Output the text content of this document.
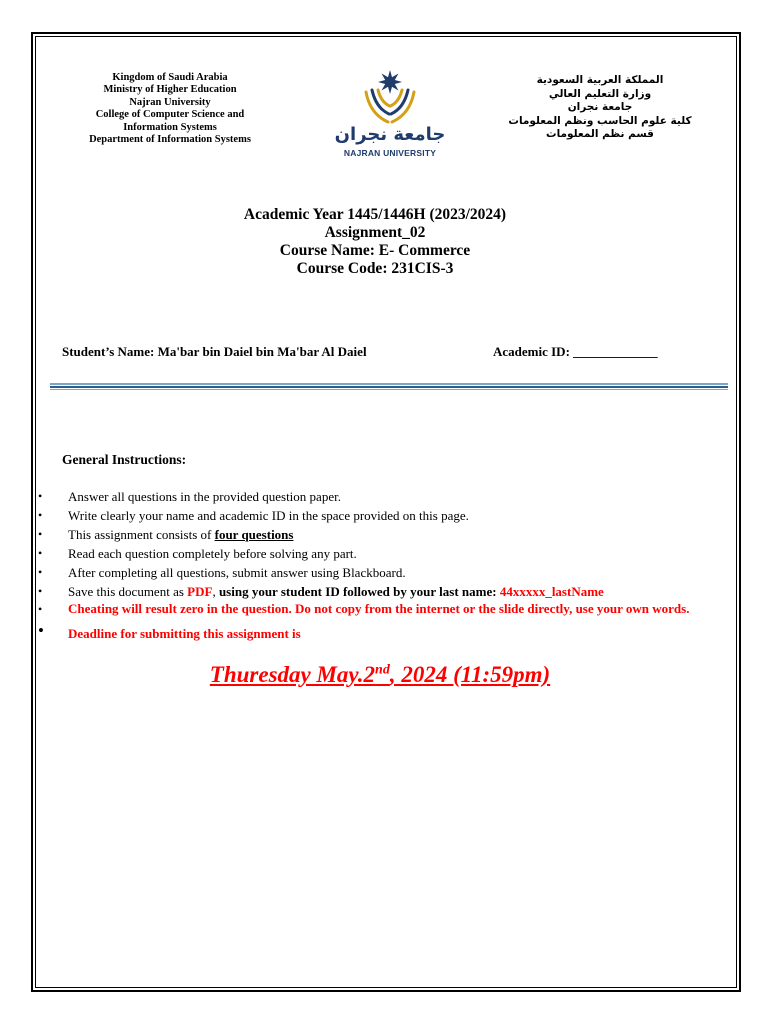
Kingdom of Saudi Arabia
Ministry of Higher Education
Najran University
College of Computer Science and
Information Systems
Department of Information Systems	جامعة نجران
NAJRAN UNIVERSITY
المملكة العربية السعودية
وزارة التعليم العالي
جامعة نجران
كلية علوم الحاسب ونظم المعلومات
قسم نظم المعلومات
Academic Year 1445/1446H (2023/2024)
Assignment_02
Course Name: E- Commerce
Course Code: 231CIS-3
Student’s Name: Ma'bar bin Daiel bin Ma'bar Al Daiel	Academic ID: _____________
General Instructions:
• Answer all questions in the provided question paper.
• Write clearly your name and academic ID in the space provided on this page.
• This assignment consists of four questions
• Read each question completely before solving any part.
• After completing all questions, submit answer using Blackboard.
• Save this document as PDF, using your student ID followed by your last name: 44xxxxx_lastName
• Cheating will result zero in the question. Do not copy from the internet or the slide directly, use your own words.
• Deadline for submitting this assignment is
Thuresday May.2nd, 2024 (11:59pm)
